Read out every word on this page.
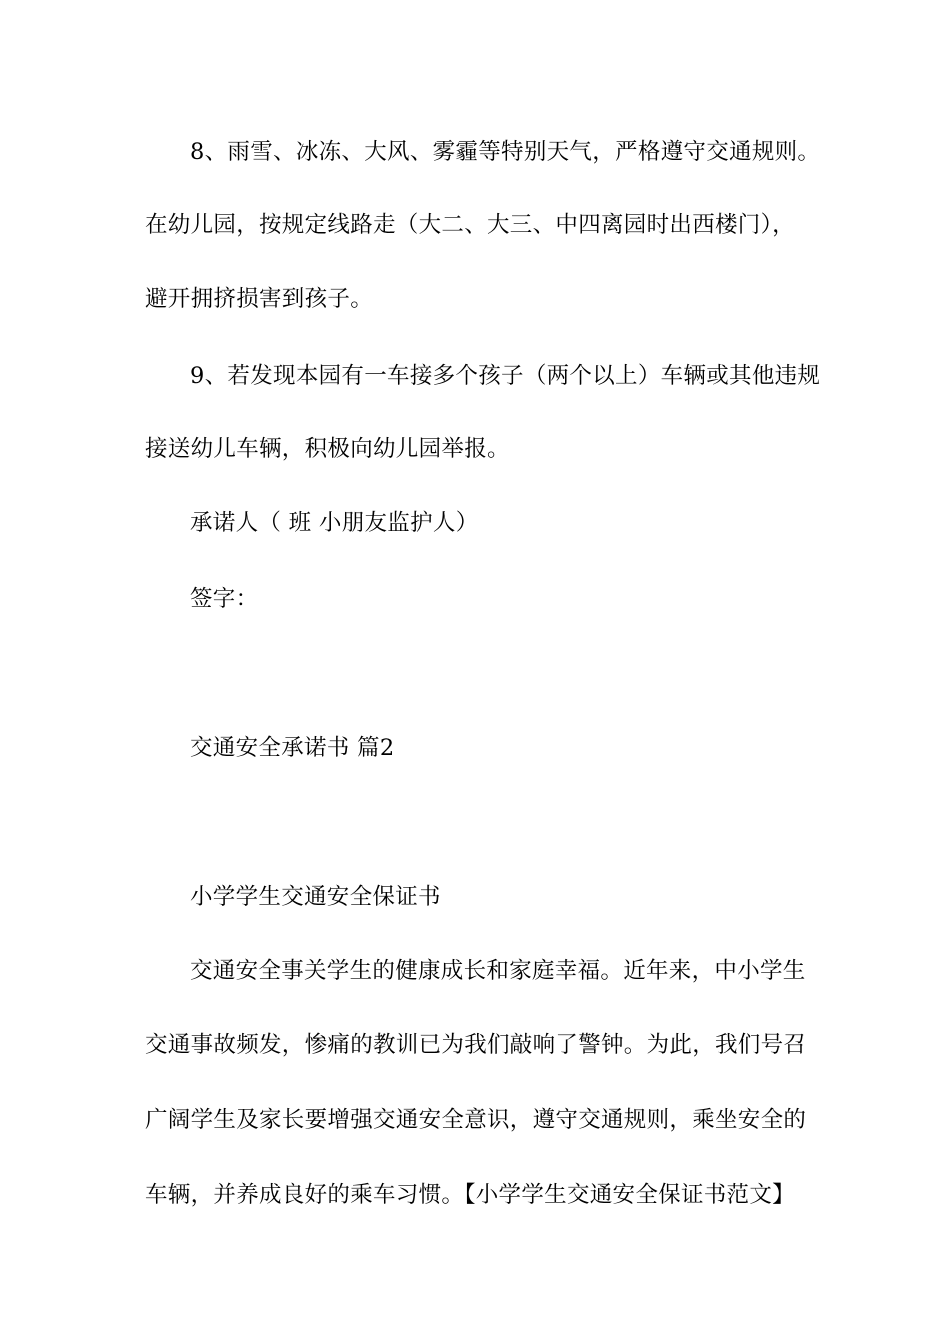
8、雨雪、冰冻、大风、雾霾等特别天气，严格遵守交通规则。
在幼儿园，按规定线路走（大二、大三、中四离园时出西楼门），
避开拥挤损害到孩子。
9、若发现本园有一车接多个孩子（两个以上）车辆或其他违规
接送幼儿车辆，积极向幼儿园举报。
承诺人（ 班 小朋友监护人）
签字：
交通安全承诺书 篇2
小学学生交通安全保证书
交通安全事关学生的健康成长和家庭幸福。近年来，中小学生
交通事故频发，惨痛的教训已为我们敲响了警钟。为此，我们号召
广阔学生及家长要增强交通安全意识，遵守交通规则，乘坐安全的
车辆，并养成良好的乘车习惯。【小学学生交通安全保证书范文】
